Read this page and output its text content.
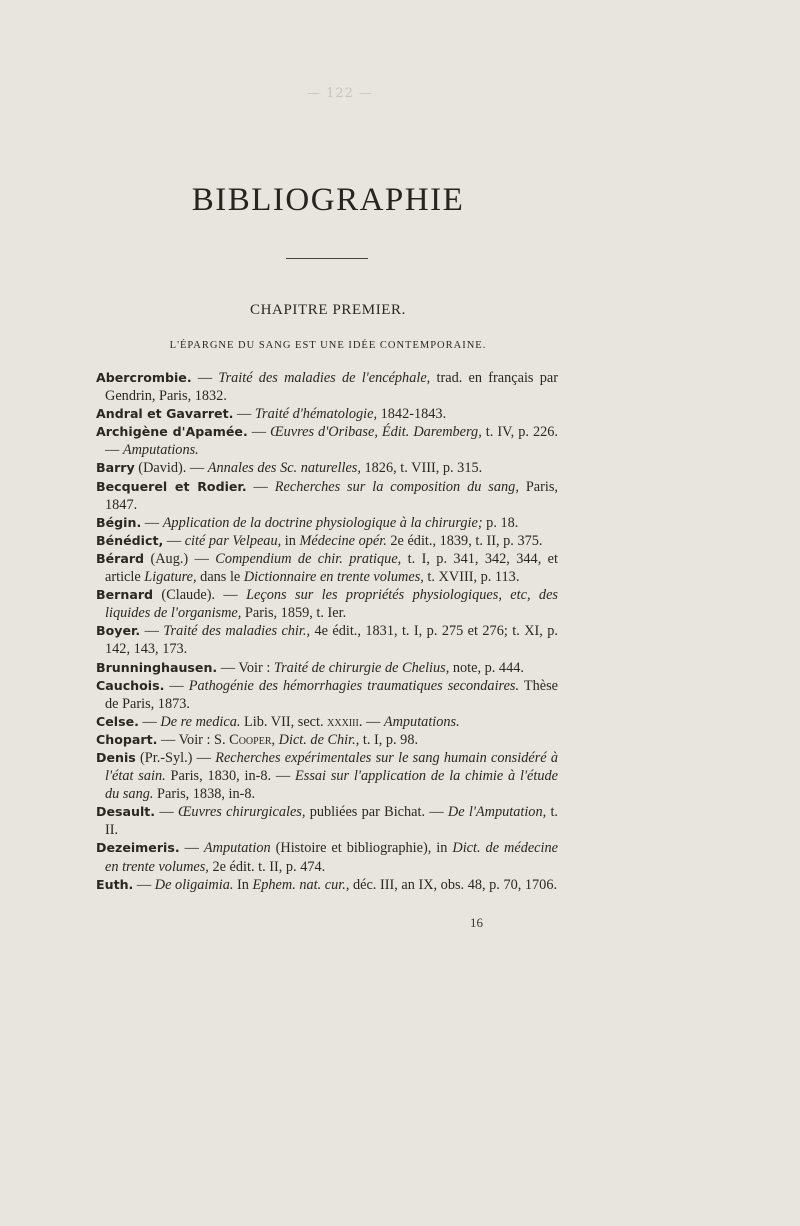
— 122 —
BIBLIOGRAPHIE
CHAPITRE PREMIER.
L'ÉPARGNE DU SANG EST UNE IDÉE CONTEMPORAINE.

Abercrombie. — Traité des maladies de l'encéphale, trad. en français par Gendrin, Paris, 1832.

Andral et Gavarret. — Traité d'hématologie, 1842-1843.

Archigène d'Apamée. — Œuvres d'Oribase, Édit. Daremberg, t. IV, p. 226. — Amputations.

Barry (David). — Annales des Sc. naturelles, 1826, t. VIII, p. 315.

Becquerel et Rodier. — Recherches sur la composition du sang, Paris, 1847.

Bégin. — Application de la doctrine physiologique à la chirurgie; p. 18.

Bénédict, — cité par Velpeau, in Médecine opér. 2e édit., 1839, t. II, p. 375.

Bérard (Aug.) — Compendium de chir. pratique, t. I, p. 341, 342, 344, et article Ligature, dans le Dictionnaire en trente volumes, t. XVIII, p. 113.

Bernard (Claude). — Leçons sur les propriétés physiologiques, etc, des liquides de l'organisme, Paris, 1859, t. Ier.

Boyer. — Traité des maladies chir., 4e édit., 1831, t. I, p. 275 et 276; t. XI, p. 142, 143, 173.

Brunninghausen. — Voir : Traité de chirurgie de Chelius, note, p. 444.

Cauchois. — Pathogénie des hémorrhagies traumatiques secondaires. Thèse de Paris, 1873.

Celse. — De re medica. Lib. VII, sect. xxxiii. — Amputations.

Chopart. — Voir : S. Cooper, Dict. de Chir., t. I, p. 98.

Denis (Pr.-Syl.) — Recherches expérimentales sur le sang humain considéré à l'état sain. Paris, 1830, in-8. — Essai sur l'application de la chimie à l'étude du sang. Paris, 1838, in-8.

Desault. — Œuvres chirurgicales, publiées par Bichat. — De l'Amputation, t. II.

Dezeimeris. — Amputation (Histoire et bibliographie), in Dict. de médecine en trente volumes, 2e édit. t. II, p. 474.

Euth. — De oligaimia. In Ephem. nat. cur., déc. III, an IX, obs. 48, p. 70, 1706.

16
